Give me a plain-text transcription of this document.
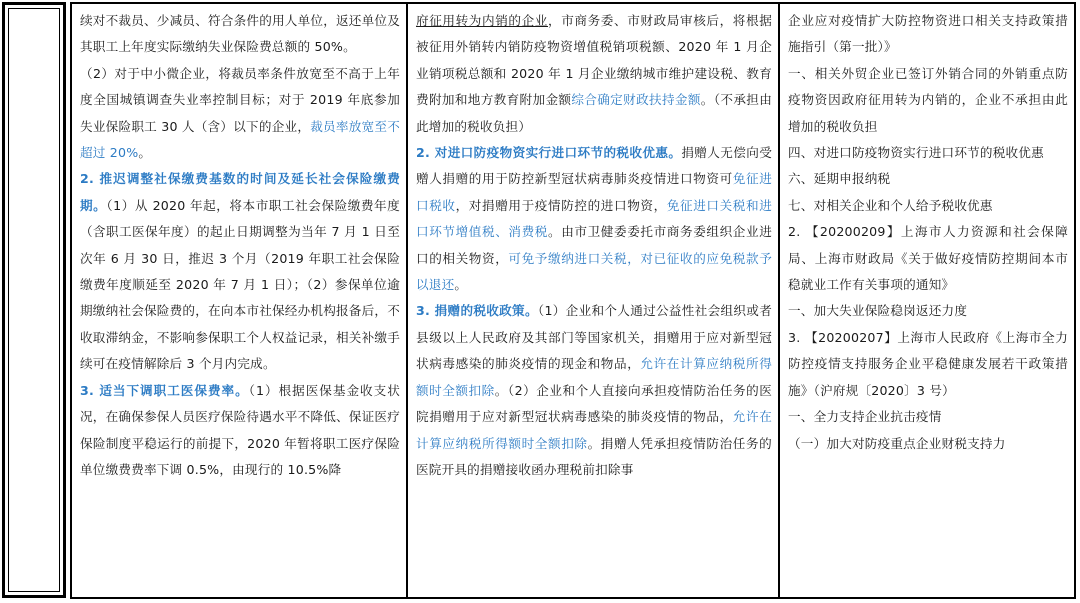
续对不裁员、少减员、符合条件的用人单位，返还单位及其职工上年度实际缴纳失业保险费总额的 50%。

（2）对于中小微企业，将裁员率条件放宽至不高于上年度全国城镇调查失业率控制目标；对于 2019 年底参加失业保险职工 30 人（含）以下的企业，裁员率放宽至不超过 20%。

2. 推迟调整社保缴费基数的时间及延长社会保险缴费期。（1）从 2020 年起，将本市职工社会保险缴费年度（含职工医保年度）的起止日期调整为当年 7 月 1 日至次年 6 月 30 日，推迟 3 个月（2019 年职工社会保险缴费年度顺延至 2020 年 7 月 1 日）；（2）参保单位逾期缴纳社会保险费的，在向本市社保经办机构报备后，不收取滞纳金，不影响参保职工个人权益记录，相关补缴手续可在疫情解除后 3 个月内完成。

3. 适当下调职工医保费率。（1）根据医保基金收支状况，在确保参保人员医疗保险待遇水平不降低、保证医疗保险制度平稳运行的前提下，2020 年暂将职工医疗保险单位缴费费率下调 0.5%，由现行的 10.5%降

府征用转为内销的企业，市商务委、市财政局审核后，将根据被征用外销转内销防疫物资增值税销项税额、2020 年 1 月企业销项税总额和 2020 年 1 月企业缴纳城市维护建设税、教育费附加和地方教育附加金额综合确定财政扶持金额。（不承担由此增加的税收负担）

2. 对进口防疫物资实行进口环节的税收优惠。捐赠人无偿向受赠人捐赠的用于防控新型冠状病毒肺炎疫情进口物资可免征进口税收，对捐赠用于疫情防控的进口物资，免征进口关税和进口环节增值税、消费税。由市卫健委委托市商务委组织企业进口的相关物资，可免予缴纳进口关税，对已征收的应免税款予以退还。

3. 捐赠的税收政策。（1）企业和个人通过公益性社会组织或者县级以上人民政府及其部门等国家机关，捐赠用于应对新型冠状病毒感染的肺炎疫情的现金和物品，允许在计算应纳税所得额时全额扣除。（2）企业和个人直接向承担疫情防治任务的医院捐赠用于应对新型冠状病毒感染的肺炎疫情的物品，允许在计算应纳税所得额时全额扣除。捐赠人凭承担疫情防治任务的医院开具的捐赠接收函办理税前扣除事

企业应对疫情扩大防控物资进口相关支持政策措施指引（第一批）》

一、相关外贸企业已签订外销合同的外销重点防疫物资因政府征用转为内销的，企业不承担由此增加的税收负担

四、对进口防疫物资实行进口环节的税收优惠

六、延期申报纳税

七、对相关企业和个人给予税收优惠

2. 【20200209】上海市人力资源和社会保障局、上海市财政局《关于做好疫情防控期间本市稳就业工作有关事项的通知》

一、加大失业保险稳岗返还力度

3. 【20200207】上海市人民政府《上海市全力防控疫情支持服务企业平稳健康发展若干政策措施》（沪府规〔2020〕3 号）

一、全力支持企业抗击疫情

（一）加大对防疫重点企业财税支持力
